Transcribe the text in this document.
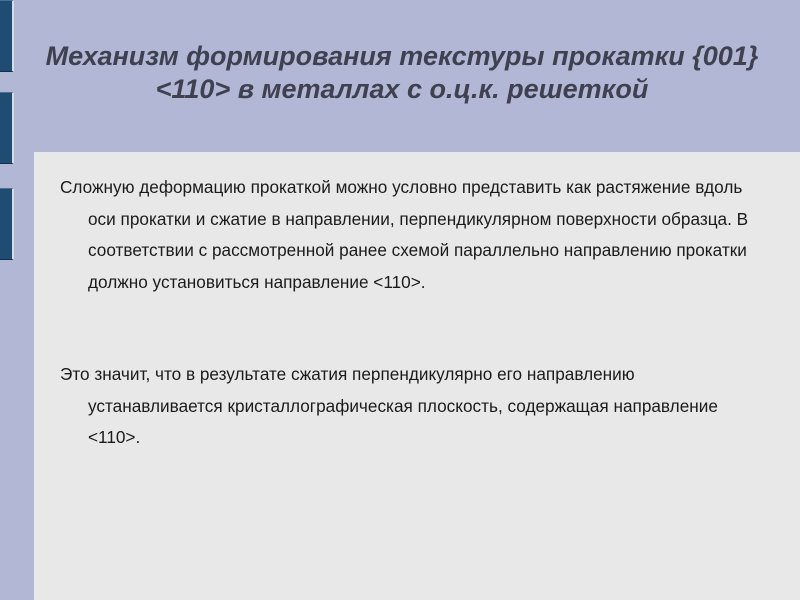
Механизм формирования текстуры прокатки {001}<110> в металлах с о.ц.к. решеткой

Сложную деформацию прокаткой можно условно представить как растяжение вдоль оси прокатки и сжатие в направлении, перпендикулярном поверхности образца. В соответствии с рассмотренной ранее схемой параллельно направлению прокатки должно установиться направление <110>.

Это значит, что в результате сжатия перпендикулярно его направлению устанавливается кристаллографическая плоскость, содержащая направление <110>.
